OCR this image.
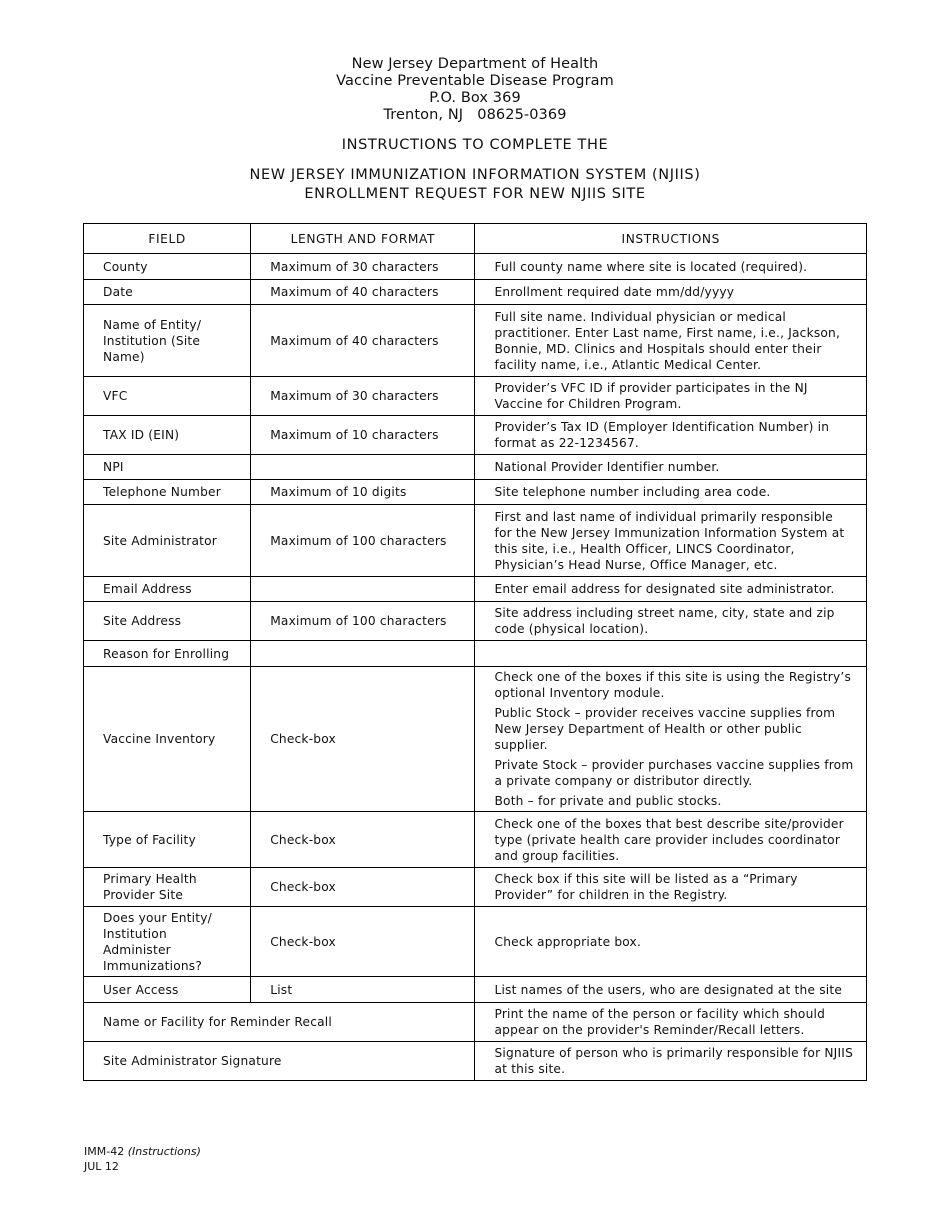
New Jersey Department of Health
Vaccine Preventable Disease Program
P.O. Box 369
Trenton, NJ   08625-0369
INSTRUCTIONS TO COMPLETE THE
NEW JERSEY IMMUNIZATION INFORMATION SYSTEM (NJIIS)
ENROLLMENT REQUEST FOR NEW NJIIS SITE
FIELD	LENGTH AND FORMAT	INSTRUCTIONS
County	Maximum of 30 characters	Full county name where site is located (required).

Date	Maximum of 40 characters	Enrollment required date mm/dd/yyyy

Name of Entity/ Institution (Site Name)	Maximum of 40 characters	Full site name. Individual physician or medical practitioner. Enter Last name, First name, i.e., Jackson, Bonnie, MD. Clinics and Hospitals should enter their facility name, i.e., Atlantic Medical Center.

VFC	Maximum of 30 characters	Provider’s VFC ID if provider participates in the NJ Vaccine for Children Program.

TAX ID (EIN)	Maximum of 10 characters	Provider’s Tax ID (Employer Identification Number) in format as 22-1234567.

NPI		National Provider Identifier number.

Telephone Number	Maximum of 10 digits	Site telephone number including area code.

Site Administrator	Maximum of 100 characters	First and last name of individual primarily responsible for the New Jersey Immunization Information System at this site, i.e., Health Officer, LINCS Coordinator, Physician’s Head Nurse, Office Manager, etc.

Email Address		Enter email address for designated site administrator.

Site Address	Maximum of 100 characters	Site address including street name, city, state and zip code (physical location).

Reason for Enrolling		

Vaccine Inventory	Check-box	Check one of the boxes if this site is using the Registry’s optional Inventory module.

Public Stock – provider receives vaccine supplies from New Jersey Department of Health or other public supplier.

Private Stock – provider purchases vaccine supplies from a private company or distributor directly.

Both – for private and public stocks.

Type of Facility	Check-box	Check one of the boxes that best describe site/provider type (private health care provider includes coordinator and group facilities.

Primary Health Provider Site	Check-box	Check box if this site will be listed as a “Primary Provider” for children in the Registry.

Does your Entity/ Institution Administer Immunizations?	Check-box	Check appropriate box.

User Access	List	List names of the users, who are designated at the site

Name or Facility for Reminder Recall		Print the name of the person or facility which should appear on the provider's Reminder/Recall letters.

Site Administrator Signature		Signature of person who is primarily responsible for NJIIS at this site.

IMM-42 (Instructions)
JUL 12
